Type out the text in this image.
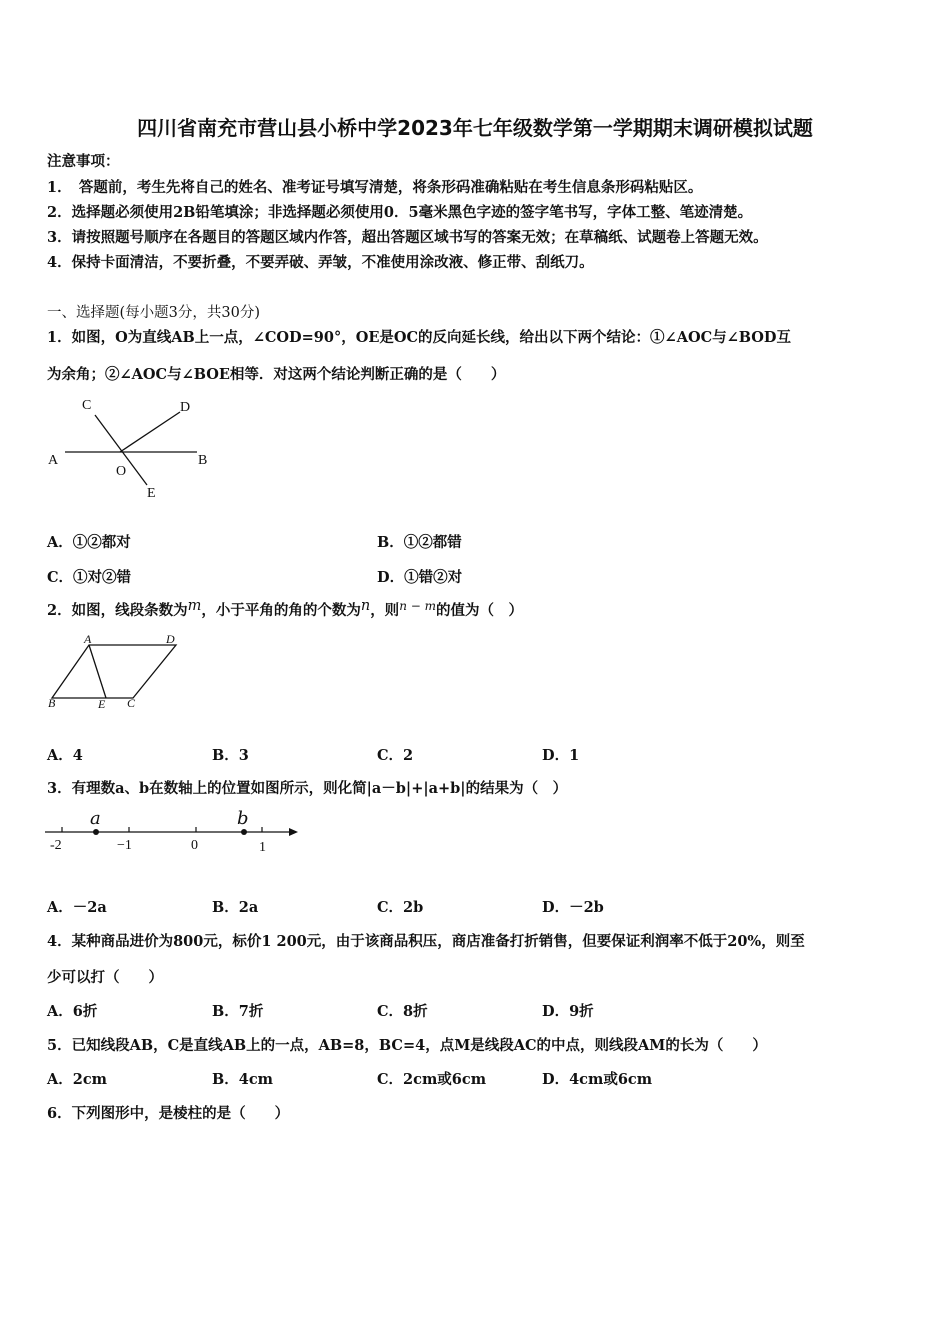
四川省南充市营山县小桥中学2023年七年级数学第一学期期末调研模拟试题
注意事项：
1．　答题前，考生先将自己的姓名、准考证号填写清楚，将条形码准确粘贴在考生信息条形码粘贴区。
2．选择题必须使用2B铅笔填涂；非选择题必须使用0．5毫米黑色字迹的签字笔书写，字体工整、笔迹清楚。
3．请按照题号顺序在各题目的答题区域内作答，超出答题区域书写的答案无效；在草稿纸、试题卷上答题无效。
4．保持卡面清洁，不要折叠，不要弄破、弄皱，不准使用涂改液、修正带、刮纸刀。
一、选择题(每小题3分，共30分)
1．如图，O为直线AB上一点，∠COD=90°，OE是OC的反向延长线，给出以下两个结论：①∠AOC与∠BOD互
为余角；②∠AOC与∠BOE相等．对这两个结论判断正确的是（　　）
A	B
C	D
O
E
A．①②都对	B．①②都错
C．①对②错	D．①错②对
2．如图，线段条数为m，小于平角的角的个数为n，则$^{n - m}$的值为（　）
A	D
B	E C
A．4	B．3	C．2	D．1
3．有理数a、b在数轴上的位置如图所示，则化简|a－b|+|a+b|的结果为（　）
a	b
-2	−1	0	1
A．－2a	B．2a	C．2b	D．－2b
4．某种商品进价为800元，标价1 200元，由于该商品积压，商店准备打折销售，但要保证利润率不低于20%，则至
少可以打（　　）
A．6折	B．7折	C．8折	D．9折
5．已知线段AB，C是直线AB上的一点，AB=8，BC=4，点M是线段AC的中点，则线段AM的长为（　　）
A．2cm	B．4cm	C．2cm或6cm	D．4cm或6cm
6．下列图形中，是棱柱的是（　　）
